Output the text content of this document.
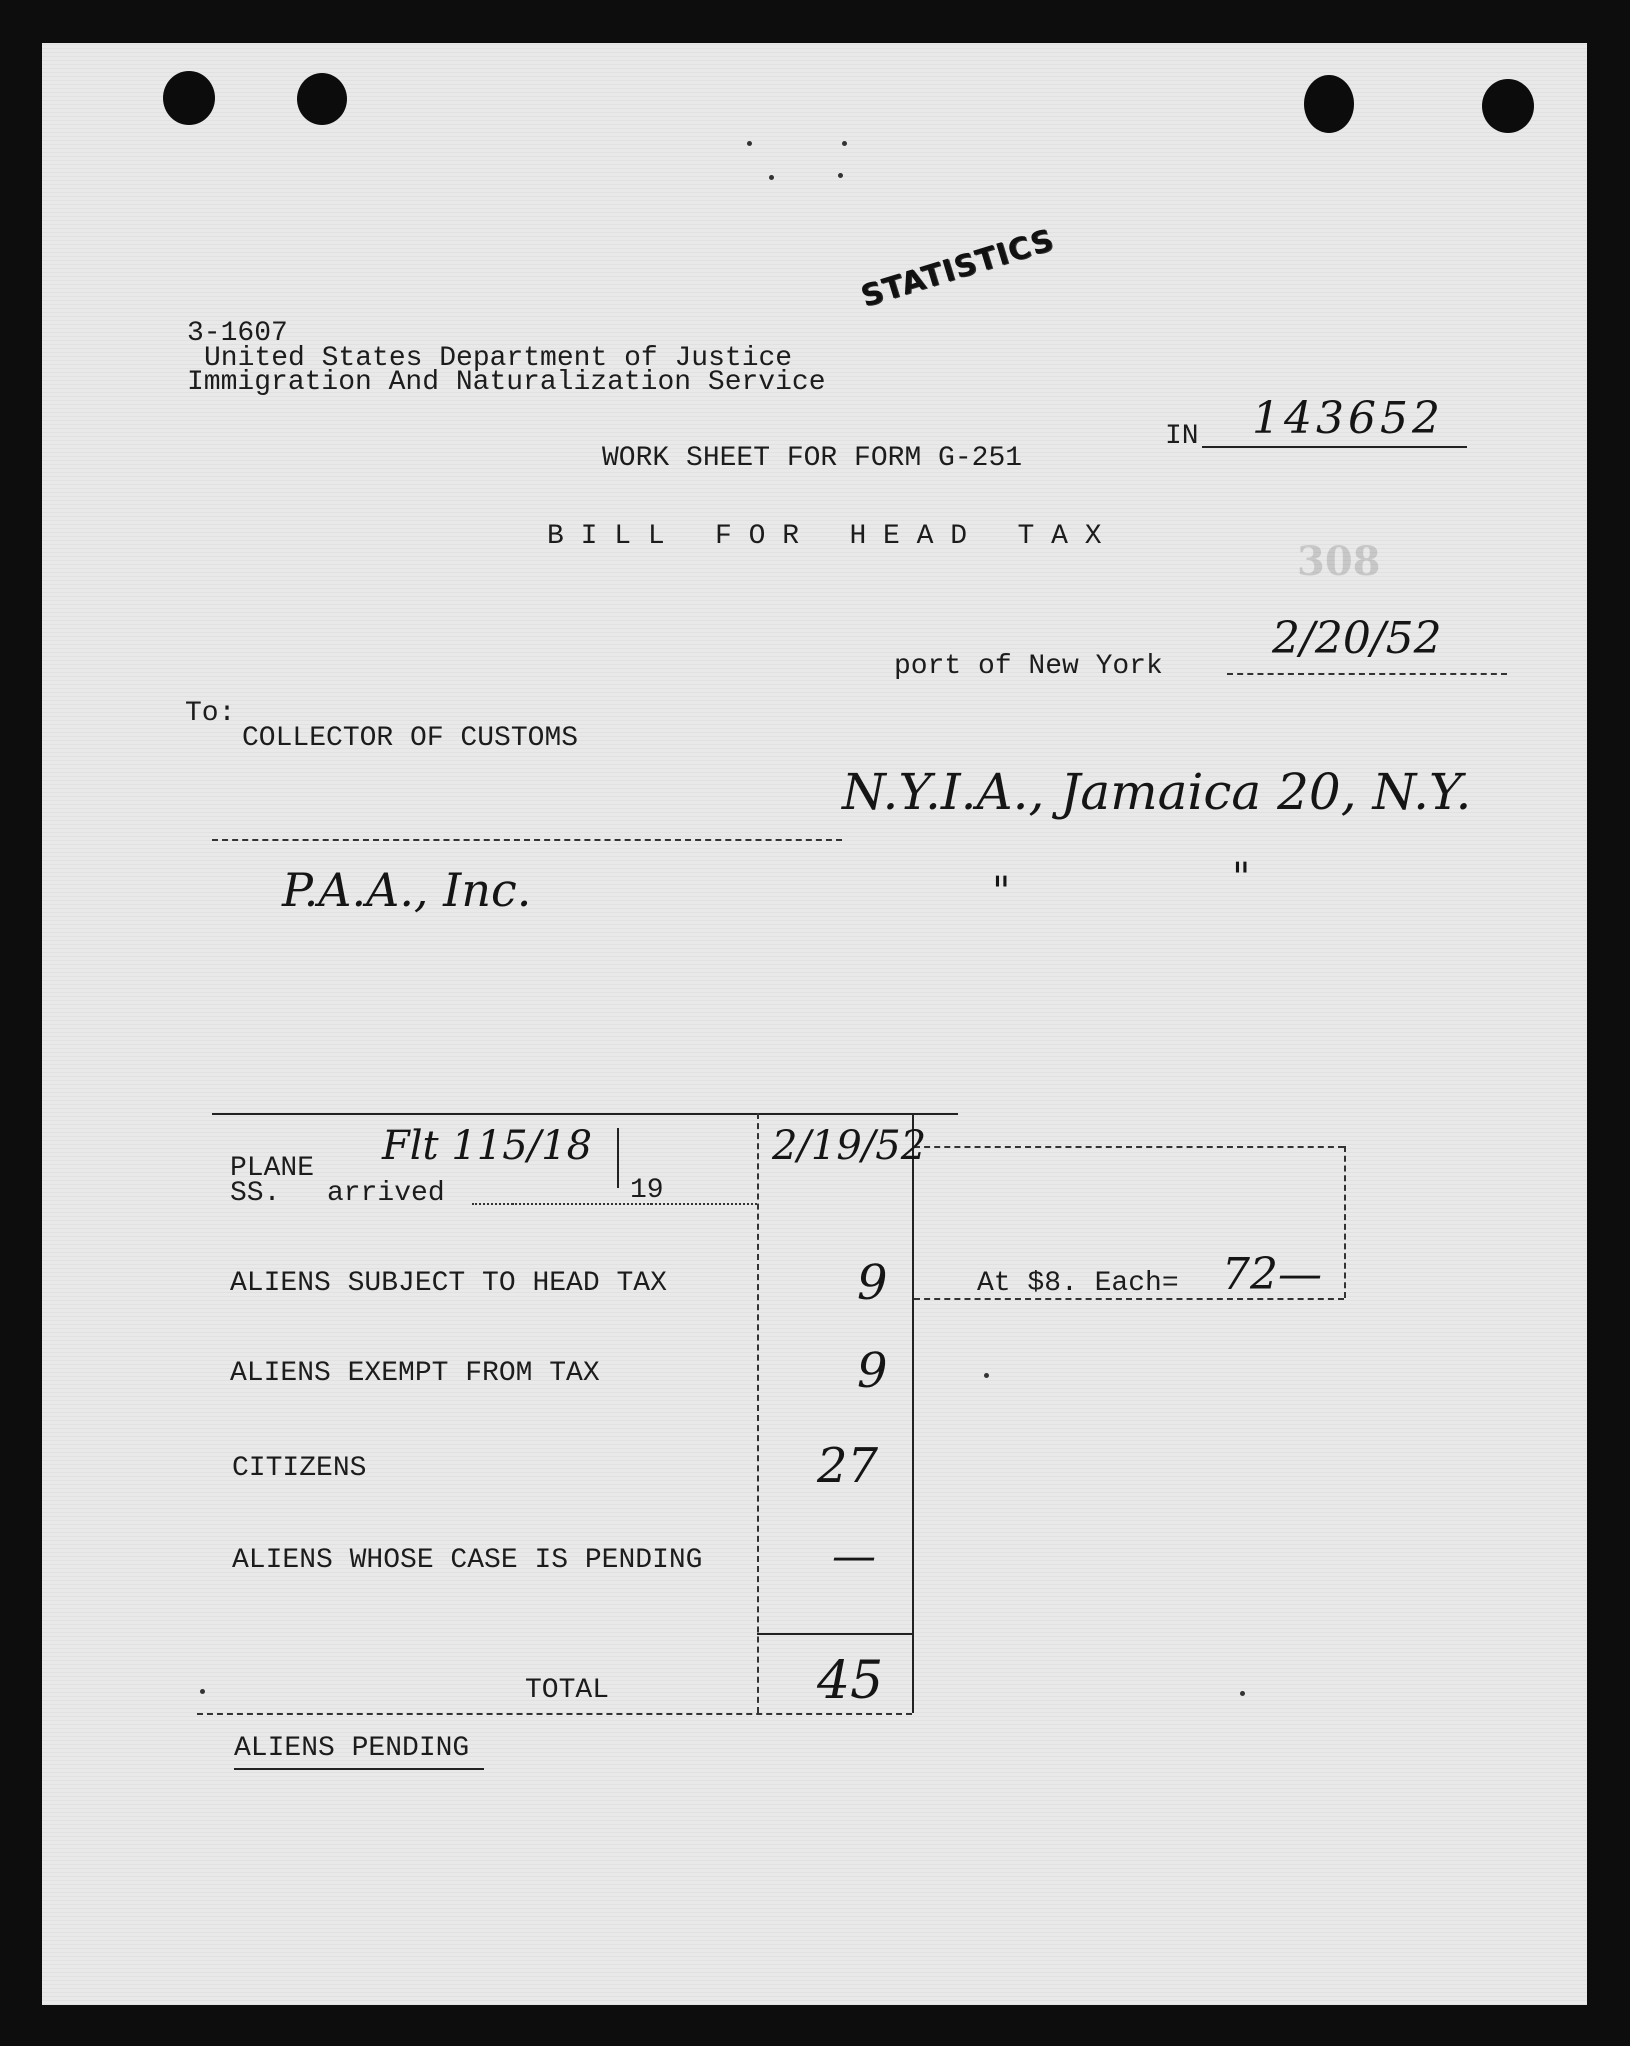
STATISTICS
3-1607
United States Department of Justice
Immigration And Naturalization Service
WORK SHEET FOR FORM G-251
IN 143652
B I L L   F O R   H E A D   T A X
308
port of New York
2/20/52
To:
COLLECTOR OF CUSTOMS
N.Y.I.A., Jamaica 20, N.Y.
P.A.A., Inc.	"	"
PLANE Flt 115/18	2/19/52
SS. arrived	19
ALIENS SUBJECT TO HEAD TAX	9	At $8. Each= 72—
ALIENS EXEMPT FROM TAX	9
CITIZENS	27
ALIENS WHOSE CASE IS PENDING	—
TOTAL	45
ALIENS PENDING
